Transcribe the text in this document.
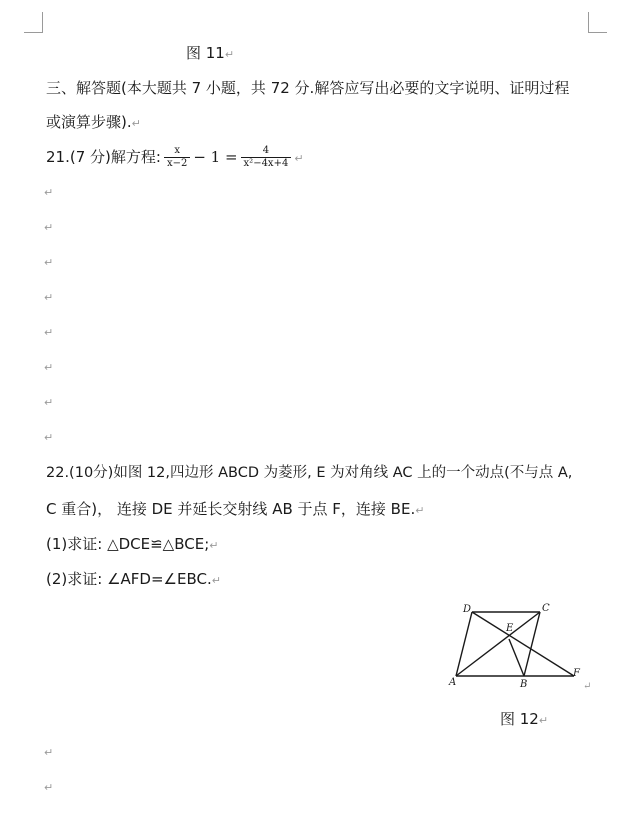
图 11↵
三、解答题(本大题共 7 小题，共 72 分.解答应写出必要的文字说明、证明过程
或演算步骤).↵
21.(7 分)解方程: $\frac{x}{x-2} - 1 = \frac{4}{\text{x²−4x+4}}$ ↵
↵
↵
↵
↵
↵
↵
↵
↵
22.(10分)如图 12,四边形 ABCD 为菱形, E 为对角线 AC 上的一个动点(不与点 A,
C 重合)， 连接 DE 并延长交射线 AB 于点 F，连接 BE.↵
(1)求证: △DCE≌△BCE;↵
(2)求证: ∠AFD=∠EBC.↵
D	C
E
A	B
F
↵
图 12↵
↵
↵
